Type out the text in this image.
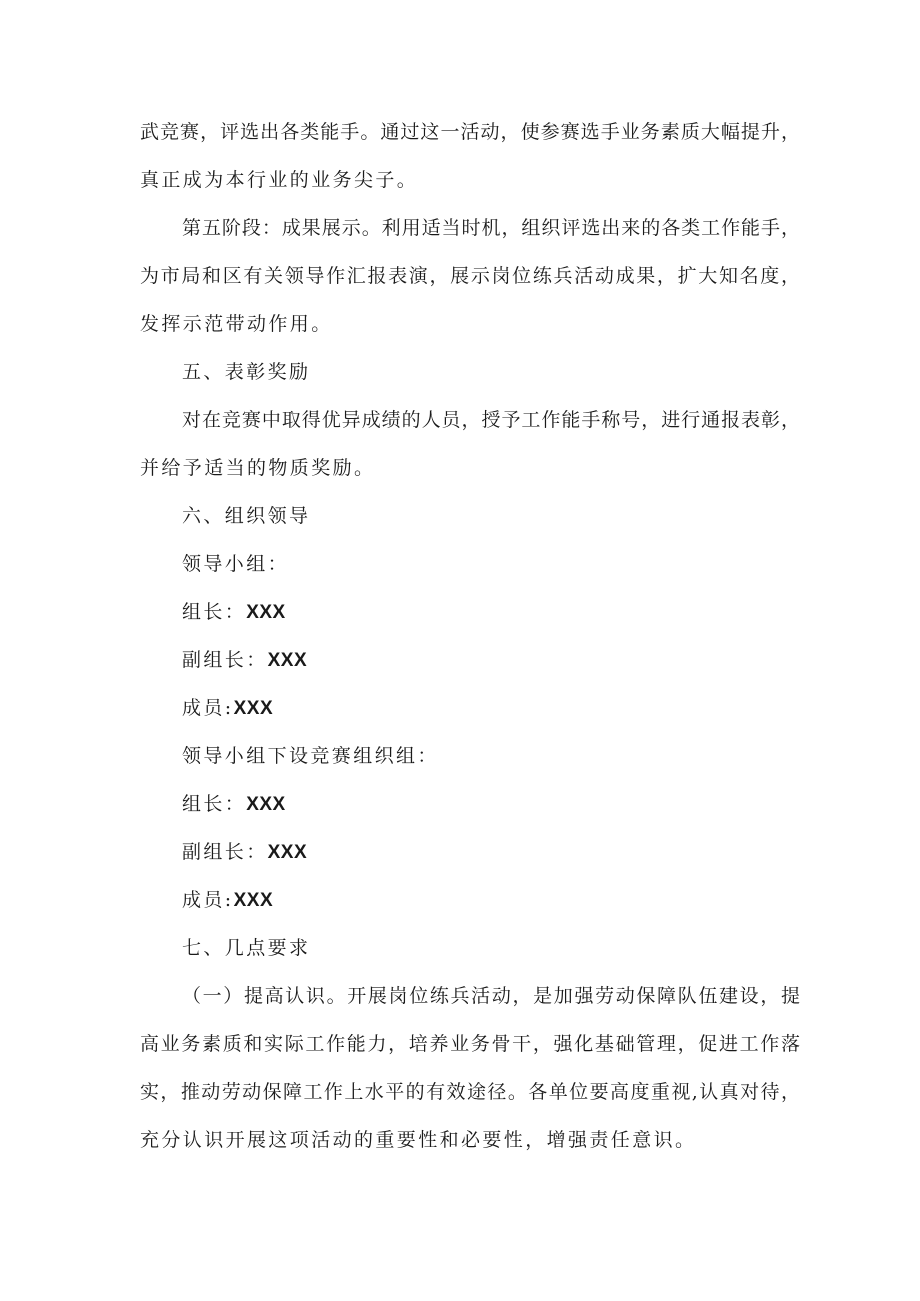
武竞赛，评选出各类能手。通过这一活动，使参赛选手业务素质大幅提升，
真正成为本行业的业务尖子。
第五阶段：成果展示。利用适当时机，组织评选出来的各类工作能手，
为市局和区有关领导作汇报表演，展示岗位练兵活动成果，扩大知名度，
发挥示范带动作用。
五、表彰奖励
对在竞赛中取得优异成绩的人员，授予工作能手称号，进行通报表彰，
并给予适当的物质奖励。
六、组织领导
领导小组：
组长：XXX
副组长：XXX
成员:XXX
领导小组下设竞赛组织组：
组长：XXX
副组长：XXX
成员:XXX
七、几点要求
（一）提高认识。开展岗位练兵活动，是加强劳动保障队伍建设，提
高业务素质和实际工作能力，培养业务骨干，强化基础管理，促进工作落
实，推动劳动保障工作上水平的有效途径。各单位要高度重视,认真对待，
充分认识开展这项活动的重要性和必要性，增强责任意识。
